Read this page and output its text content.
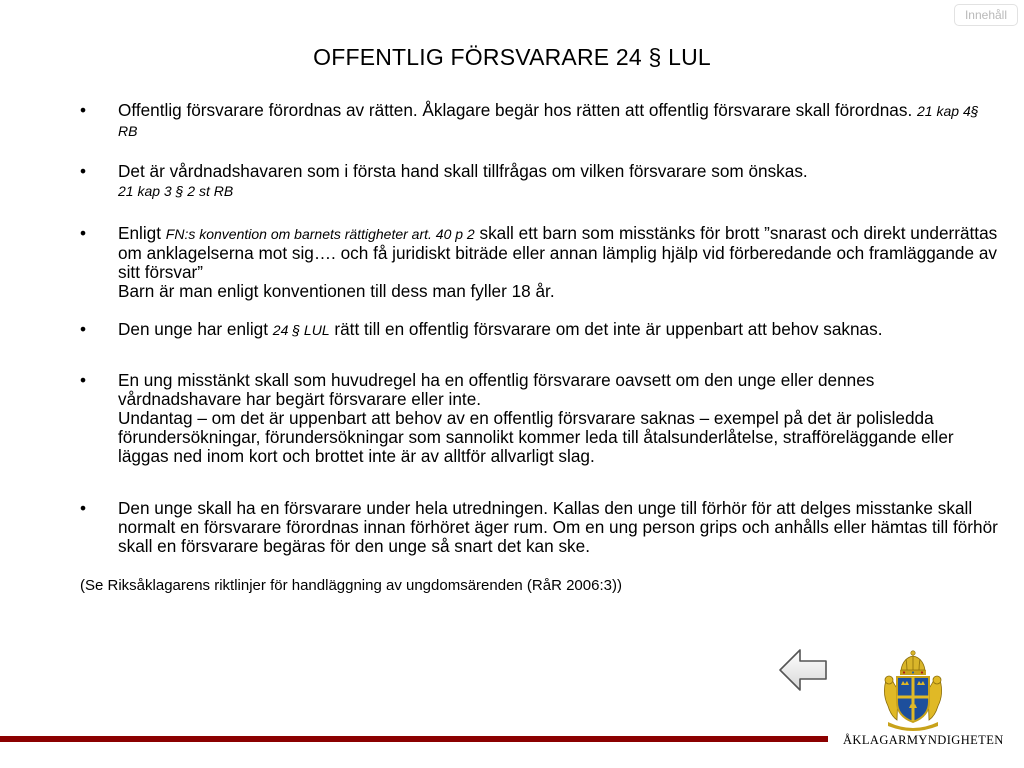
Innehåll
OFFENTLIG FÖRSVARARE 24 § LUL
• Offentlig försvarare förordnas av rätten. Åklagare begär hos rätten att offentlig försvarare skall förordnas. 21 kap 4§ RB
• Det är vårdnadshavaren som i första hand skall tillfrågas om vilken försvarare som önskas.
21 kap 3 § 2 st RB
• Enligt FN:s konvention om barnets rättigheter art. 40 p 2 skall ett barn som misstänks för brott ”snarast och direkt underrättas om anklagelserna mot sig…. och få juridiskt biträde eller annan lämplig hjälp vid förberedande och framläggande av sitt försvar”
Barn är man enligt konventionen till dess man fyller 18 år.
• Den unge har enligt 24 § LUL rätt till en offentlig försvarare om det inte är uppenbart att behov saknas.
• En ung misstänkt skall som huvudregel ha en offentlig försvarare oavsett om den unge eller dennes vårdnadshavare har begärt försvarare eller inte.
Undantag – om det är uppenbart att behov av en offentlig försvarare saknas – exempel på det är polisledda förundersökningar, förundersökningar som sannolikt kommer leda till åtalsunderlåtelse, strafföreläggande eller läggas ned inom kort och brottet inte är av alltför allvarligt slag.
• Den unge skall ha en försvarare under hela utredningen. Kallas den unge till förhör för att delges misstanke skall normalt en försvarare förordnas innan förhöret äger rum. Om en ung person grips och anhålls eller hämtas till förhör skall en försvarare begäras för den unge så snart det kan ske.
(Se Riksåklagarens riktlinjer för handläggning av ungdomsärenden (RåR 2006:3))
ÅKLAGARMYNDIGHETEN
